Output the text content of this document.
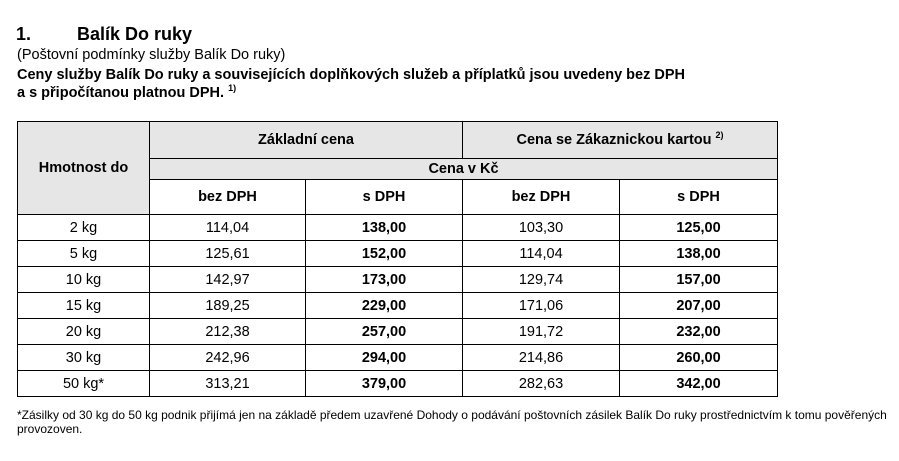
1.	Balík Do ruky
(Poštovní podmínky služby Balík Do ruky)
Ceny služby Balík Do ruky a souvisejících doplňkových služeb a příplatků jsou uvedeny bez DPH
a s připočítanou platnou DPH. $^{1)}$
Hmotnost do	Základní cena		Cena se Zákaznickou kartou $^{2)}$
	Cena v Kč			
	bez DPH	s DPH	bez DPH	s DPH
2 kg	114,04	138,00	103,30	125,00
5 kg	125,61	152,00	114,04	138,00
10 kg	142,97	173,00	129,74	157,00
15 kg	189,25	229,00	171,06	207,00
20 kg	212,38	257,00	191,72	232,00
30 kg	242,96	294,00	214,86	260,00
50 kg*	313,21	379,00	282,63	342,00
*Zásilky od 30 kg do 50 kg podnik přijímá jen na základě předem uzavřené Dohody o podávání poštovních zásilek Balík Do ruky prostřednictvím k tomu pověřených provozoven.
